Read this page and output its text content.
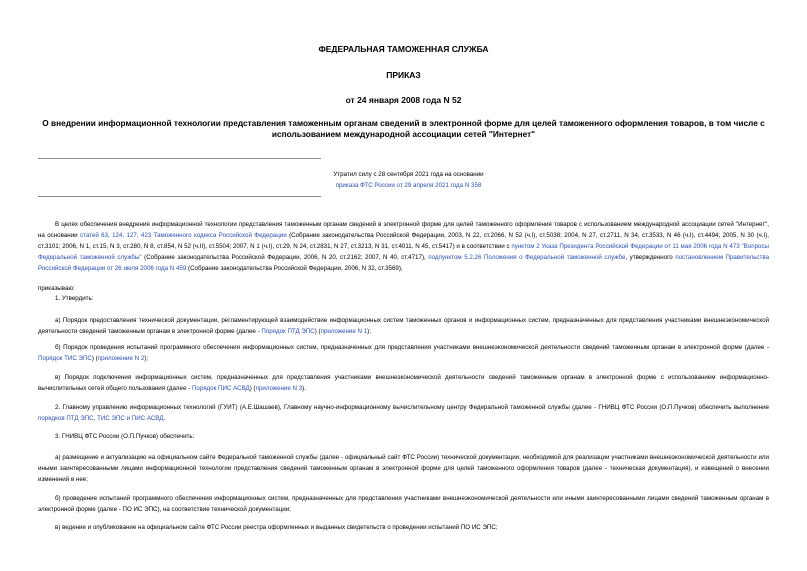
ФЕДЕРАЛЬНАЯ ТАМОЖЕННАЯ СЛУЖБА
ПРИКАЗ
от 24 января 2008 года N 52
О внедрении информационной технологии представления таможенным органам сведений в электронной форме для целей таможенного оформления товаров, в том числе с использованием международной ассоциации сетей "Интернет"
Утратил силу с 28 сентября 2021 года на основании
приказа ФТС России от 29 апреля 2021 года N 358
В целях обеспечения внедрения информационной технологии представления таможенным органам сведений в электронной форме для целей таможенного оформления товаров с использованием международной ассоциации сетей "Интернет", на основании статей 63, 124, 127, 423 Таможенного кодекса Российской Федерации (Собрание законодательства Российской Федерации, 2003, N 22, ст.2066, N 52 (ч.I), ст.5038; 2004, N 27, ст.2711, N 34, ст.3533, N 46 (ч.I), ст.4494; 2005, N 30 (ч.I), ст.3101; 2006, N 1, ст.15, N 3, ст.280, N 8, ст.854, N 52 (ч.II), ст.5504; 2007, N 1 (ч.I), ст.29, N 24, ст.2831, N 27, ст.3213, N 31, ст.4011, N 45, ст.5417) и в соответствии с пунктом 2 Указа Президента Российской Федерации от 11 мая 2006 года N 473 "Вопросы Федеральной таможенной службы" (Собрание законодательства Российской Федерации, 2006, N 20, ст.2162; 2007, N 40, ст.4717), подпунктом 5.2.26 Положения о Федеральной таможенной службе, утвержденного постановлением Правительства Российской Федерации от 26 июля 2006 года N 459 (Собрание законодательства Российской Федерации, 2006, N 32, ст.3569),
приказываю:
1. Утвердить:
а) Порядок предоставления технической документации, регламентирующей взаимодействие информационных систем таможенных органов и информационных систем, предназначенных для представления участниками внешнеэкономической деятельности сведений таможенным органам в электронной форме (далее - Порядок ПТД ЭПС) (приложение N 1);
б) Порядок проведения испытаний программного обеспечения информационных систем, предназначенных для представления участниками внешнеэкономической деятельности сведений таможенным органам в электронной форме (далее - Порядок ТИС ЭПС) (приложение N 2);
в) Порядок подключения информационных систем, предназначенных для представления участниками внешнеэкономической деятельности сведений таможенным органам в электронной форме с использованием информационно-вычислительных сетей общего пользования (далее - Порядок ПИС АСВД) (приложение N 3).
2. Главному управлению информационных технологий (ГУИТ) (А.Е.Шашаев), Главному научно-информационному вычислительному центру Федеральной таможенной службы (далее - ГНИВЦ ФТС России (О.П.Пучков) обеспечить выполнение порядков ПТД ЭПС, ТИС ЭПС и ПИС АСВД.
3. ГНИВЦ ФТС России (О.П.Пучков) обеспечить:
а) размещение и актуализацию на официальном сайте Федеральной таможенной службы (далее - официальный сайт ФТС России) технической документации, необходимой для реализации участниками внешнеэкономической деятельности или иными заинтересованными лицами информационной технологии представления сведений таможенным органам в электронной форме для целей таможенного оформления товаров (далее - техническая документация), и извещений о внесении изменений в нее;
б) проведение испытаний программного обеспечения информационных систем, предназначенных для представления участниками внешнеэкономической деятельности или иными заинтересованными лицами сведений таможенным органам в электронной форме (далее - ПО ИС ЭПС), на соответствие технической документации;
в) ведение и опубликование на официальном сайте ФТС России реестра оформленных и выданных свидетельств о проведении испытаний ПО ИС ЭПС;
